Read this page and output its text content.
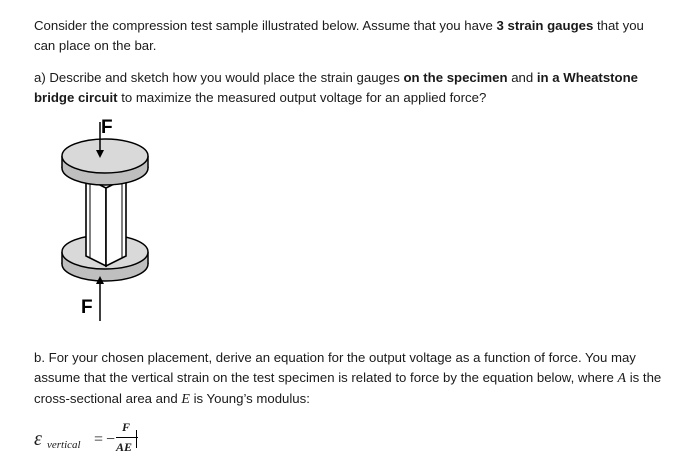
Consider the compression test sample illustrated below. Assume that you have 3 strain gauges that you can place on the bar.

a) Describe and sketch how you would place the strain gauges on the specimen and in a Wheatstone bridge circuit to maximize the measured output voltage for an applied force?

b. For your chosen placement, derive an equation for the output voltage as a function of force. You may assume that the vertical strain on the test specimen is related to force by the equation below, where A is the cross-sectional area and E is Young’s modulus:

F
F
ε vertical = −
F
AE
